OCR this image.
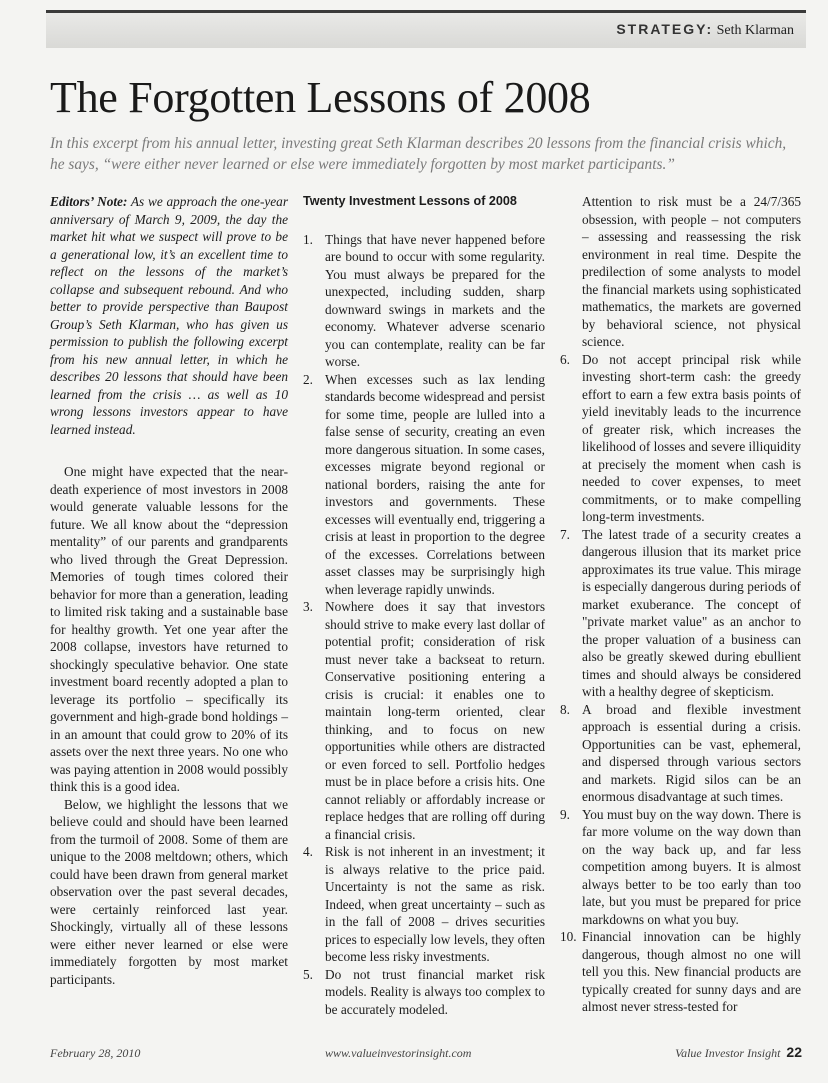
STRATEGY: Seth Klarman
The Forgotten Lessons of 2008
In this excerpt from his annual letter, investing great Seth Klarman describes 20 lessons from the financial crisis which, he says, “were either never learned or else were immediately forgotten by most market participants.”

Editors’ Note: As we approach the one-year anniversary of March 9, 2009, the day the market hit what we suspect will prove to be a generational low, it’s an excellent time to reflect on the lessons of the market’s collapse and subsequent rebound. And who better to provide perspective than Baupost Group’s Seth Klarman, who has given us permission to publish the following excerpt from his new annual letter, in which he describes 20 lessons that should have been learned from the crisis … as well as 10 wrong lessons investors appear to have learned instead.

One might have expected that the near-death experience of most investors in 2008 would generate valuable lessons for the future. We all know about the “depression mentality” of our parents and grandparents who lived through the Great Depression. Memories of tough times colored their behavior for more than a generation, leading to limited risk taking and a sustainable base for healthy growth. Yet one year after the 2008 collapse, investors have returned to shockingly speculative behavior. One state investment board recently adopted a plan to leverage its portfolio – specifically its government and high-grade bond holdings – in an amount that could grow to 20% of its assets over the next three years. No one who was paying attention in 2008 would possibly think this is a good idea.

Below, we highlight the lessons that we believe could and should have been learned from the turmoil of 2008. Some of them are unique to the 2008 meltdown; others, which could have been drawn from general market observation over the past several decades, were certainly reinforced last year. Shockingly, virtually all of these lessons were either never learned or else were immediately forgotten by most market participants.

Twenty Investment Lessons of 2008
1. Things that have never happened before are bound to occur with some regularity. You must always be prepared for the unexpected, including sudden, sharp downward swings in markets and the economy. Whatever adverse scenario you can contemplate, reality can be far worse.
2. When excesses such as lax lending standards become widespread and persist for some time, people are lulled into a false sense of security, creating an even more dangerous situation. In some cases, excesses migrate beyond regional or national borders, raising the ante for investors and governments. These excesses will eventually end, triggering a crisis at least in proportion to the degree of the excesses. Correlations between asset classes may be surprisingly high when leverage rapidly unwinds.
3. Nowhere does it say that investors should strive to make every last dollar of potential profit; consideration of risk must never take a backseat to return. Conservative positioning entering a crisis is crucial: it enables one to maintain long-term oriented, clear thinking, and to focus on new opportunities while others are distracted or even forced to sell. Portfolio hedges must be in place before a crisis hits. One cannot reliably or affordably increase or replace hedges that are rolling off during a financial crisis.
4. Risk is not inherent in an investment; it is always relative to the price paid. Uncertainty is not the same as risk. Indeed, when great uncertainty – such as in the fall of 2008 – drives securities prices to especially low levels, they often become less risky investments.
5. Do not trust financial market risk models. Reality is always too complex to be accurately modeled.

Attention to risk must be a 24/7/365 obsession, with people – not computers – assessing and reassessing the risk environment in real time. Despite the predilection of some analysts to model the financial markets using sophisticated mathematics, the markets are governed by behavioral science, not physical science.

6. Do not accept principal risk while investing short-term cash: the greedy effort to earn a few extra basis points of yield inevitably leads to the incurrence of greater risk, which increases the likelihood of losses and severe illiquidity at precisely the moment when cash is needed to cover expenses, to meet commitments, or to make compelling long-term investments.
7. The latest trade of a security creates a dangerous illusion that its market price approximates its true value. This mirage is especially dangerous during periods of market exuberance. The concept of "private market value" as an anchor to the proper valuation of a business can also be greatly skewed during ebullient times and should always be considered with a healthy degree of skepticism.
8. A broad and flexible investment approach is essential during a crisis. Opportunities can be vast, ephemeral, and dispersed through various sectors and markets. Rigid silos can be an enormous disadvantage at such times.
9. You must buy on the way down. There is far more volume on the way down than on the way back up, and far less competition among buyers. It is almost always better to be too early than too late, but you must be prepared for price markdowns on what you buy.
10. Financial innovation can be highly dangerous, though almost no one will tell you this. New financial products are typically created for sunny days and are almost never stress-tested for
February 28, 2010	www.valueinvestorinsight.com	Value Investor Insight 22
